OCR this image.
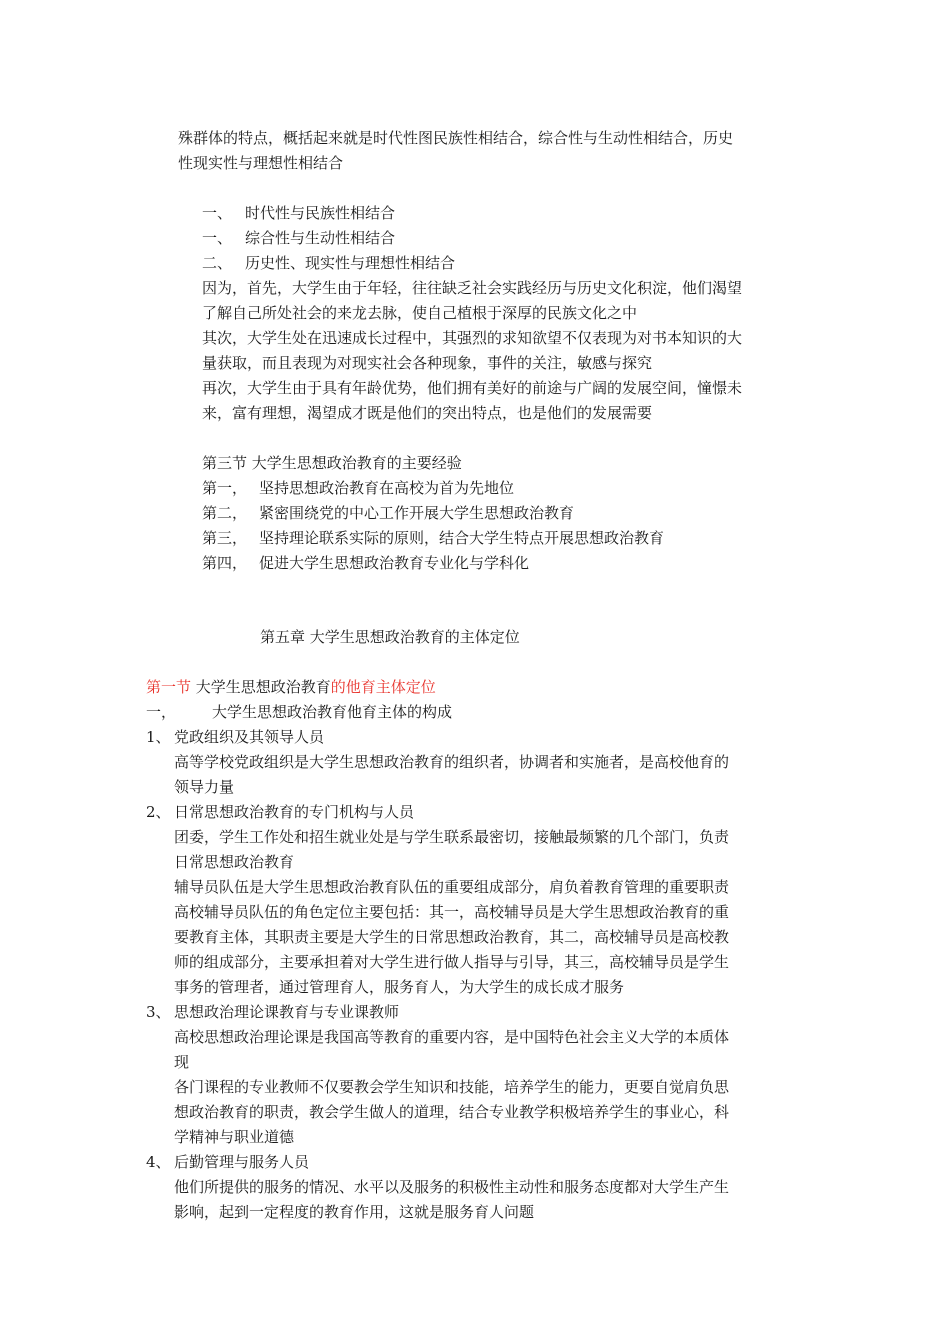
殊群体的特点，概括起来就是时代性图民族性相结合，综合性与生动性相结合，历史
性现实性与理想性相结合
一、 时代性与民族性相结合
一、 综合性与生动性相结合
二、 历史性、现实性与理想性相结合
因为，首先，大学生由于年轻，往往缺乏社会实践经历与历史文化积淀，他们渴望
了解自己所处社会的来龙去脉，使自己植根于深厚的民族文化之中
其次，大学生处在迅速成长过程中，其强烈的求知欲望不仅表现为对书本知识的大
量获取，而且表现为对现实社会各种现象，事件的关注，敏感与探究
再次，大学生由于具有年龄优势，他们拥有美好的前途与广阔的发展空间，憧憬未
来，富有理想，渴望成才既是他们的突出特点，也是他们的发展需要
第三节 大学生思想政治教育的主要经验
第一， 坚持思想政治教育在高校为首为先地位
第二， 紧密围绕党的中心工作开展大学生思想政治教育
第三， 坚持理论联系实际的原则，结合大学生特点开展思想政治教育
第四， 促进大学生思想政治教育专业化与学科化
第五章 大学生思想政治教育的主体定位
第一节 大学生思想政治教育的他育主体定位
一， 大学生思想政治教育他育主体的构成
1、 党政组织及其领导人员
高等学校党政组织是大学生思想政治教育的组织者，协调者和实施者，是高校他育的
领导力量
2、 日常思想政治教育的专门机构与人员
团委，学生工作处和招生就业处是与学生联系最密切，接触最频繁的几个部门，负责
日常思想政治教育
辅导员队伍是大学生思想政治教育队伍的重要组成部分，肩负着教育管理的重要职责
高校辅导员队伍的角色定位主要包括：其一，高校辅导员是大学生思想政治教育的重
要教育主体，其职责主要是大学生的日常思想政治教育，其二，高校辅导员是高校教
师的组成部分，主要承担着对大学生进行做人指导与引导，其三，高校辅导员是学生
事务的管理者，通过管理育人，服务育人，为大学生的成长成才服务
3、 思想政治理论课教育与专业课教师
高校思想政治理论课是我国高等教育的重要内容，是中国特色社会主义大学的本质体
现
各门课程的专业教师不仅要教会学生知识和技能，培养学生的能力，更要自觉肩负思
想政治教育的职责，教会学生做人的道理，结合专业教学积极培养学生的事业心，科
学精神与职业道德
4、 后勤管理与服务人员
他们所提供的服务的情况、水平以及服务的积极性主动性和服务态度都对大学生产生
影响，起到一定程度的教育作用，这就是服务育人问题
